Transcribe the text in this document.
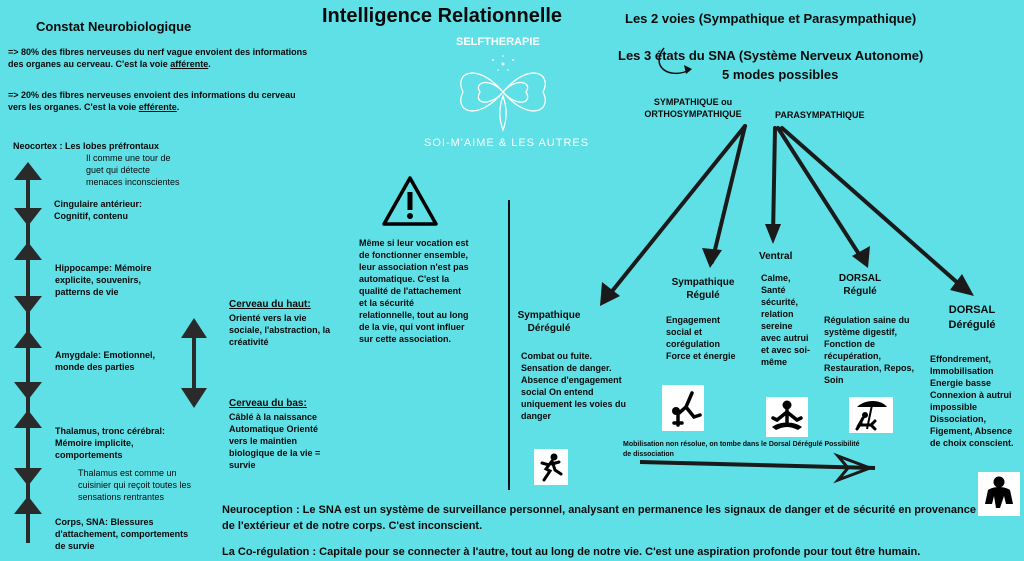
Intelligence Relationnelle
SELFTHERAPIE
SOI-M'AIME & LES AUTRES
Constat Neurobiologique
=> 80% des fibres nerveuses du nerf vague envoient des informations des organes au cerveau. C'est la voie afférente.
=> 20% des fibres nerveuses envoient des informations du cerveau vers les organes. C'est la voie efférente.
Neocortex : Les lobes préfrontaux
Il comme une tour de guet qui détecte menaces inconscientes
Cingulaire antérieur: Cognitif, contenu
Hippocampe: Mémoire explicite, souvenirs, patterns de vie
Amygdale: Emotionnel, monde des parties
Thalamus, tronc cérébral: Mémoire implicite, comportements
Thalamus est comme un cuisinier qui reçoit toutes les sensations rentrantes
Corps, SNA: Blessures d'attachement, comportements de survie
Cerveau du haut:
Orienté vers la vie sociale, l'abstraction, la créativité
Cerveau du bas:
Câblé à la naissance Automatique Orienté vers le maintien biologique de la vie = survie
Même si leur vocation est de fonctionner ensemble, leur association n'est pas automatique. C'est la qualité de l'attachement et la sécurité relationnelle, tout au long de la vie, qui vont influer sur cette association.
Les 2 voies (Sympathique et Parasympathique)
Les 3 états du SNA (Système Nerveux Autonome)
5 modes possibles
SYMPATHIQUE ou ORTHOSYMPATHIQUE	PARASYMPATHIQUE
Sympathique Dérégulé
Combat ou fuite. Sensation de danger. Absence d'engagement social On entend uniquement les voies du danger
Sympathique Régulé
Engagement social et corégulation Force et énergie
Ventral
Calme, Santé sécurité, relation sereine avec autrui et avec soi-même
DORSAL Régulé
Régulation saine du système digestif, Fonction de récupération, Restauration, Repos, Soin
DORSAL Dérégulé
Effondrement, Immobilisation Energie basse Connexion à autrui impossible Dissociation, Figement, Absence de choix conscient.
Mobilisation non résolue, on tombe dans le Dorsal Dérégulé Possibilité de dissociation
Neuroception : Le SNA est un système de surveillance personnel, analysant en permanence les signaux de danger et de sécurité en provenance de l'extérieur et de notre corps. C'est inconscient.
La Co-régulation : Capitale pour se connecter à l'autre, tout au long de notre vie. C'est une aspiration profonde pour tout être humain.
